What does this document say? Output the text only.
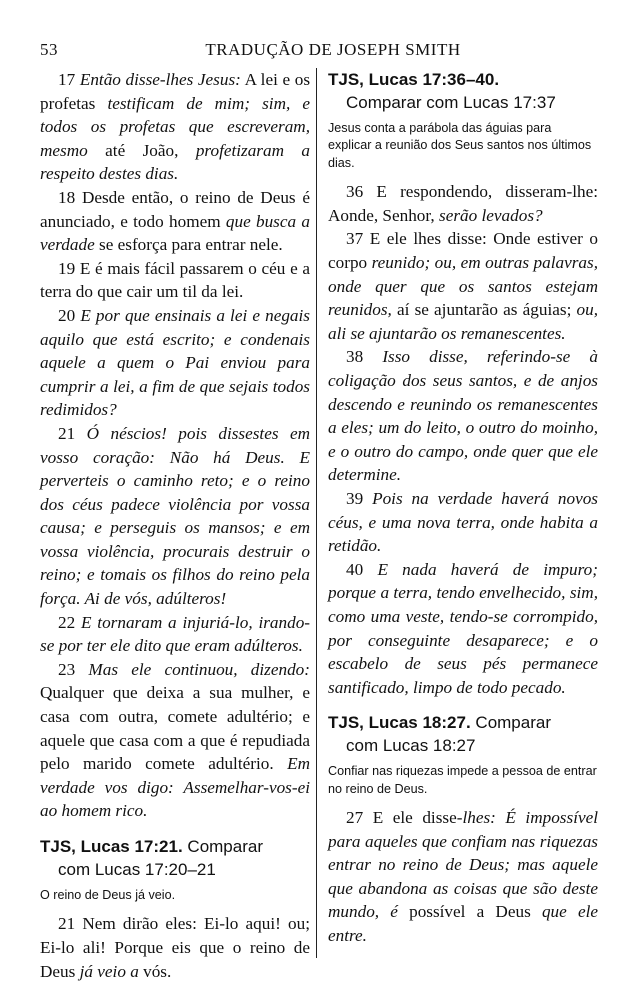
53	TRADUÇÃO DE JOSEPH SMITH

17 Então disse-lhes Jesus: A lei e os profetas testificam de mim; sim, e todos os profetas que escreveram, mesmo até João, profetizaram a respeito destes dias.

18 Desde então, o reino de Deus é anunciado, e todo homem que busca a verdade se esforça para entrar nele.

19 E é mais fácil passarem o céu e a terra do que cair um til da lei.

20 E por que ensinais a lei e negais aquilo que está escrito; e condenais aquele a quem o Pai enviou para cumprir a lei, a fim de que sejais todos redimidos?

21 Ó néscios! pois dissestes em vosso coração: Não há Deus. E perverteis o caminho reto; e o reino dos céus padece violência por vossa causa; e perseguis os mansos; e em vossa violência, procurais destruir o reino; e tomais os filhos do reino pela força. Ai de vós, adúlteros!

22 E tornaram a injuriá-lo, irando-se por ter ele dito que eram adúlteros.

23 Mas ele continuou, dizendo: Qualquer que deixa a sua mulher, e casa com outra, comete adultério; e aquele que casa com a que é repudiada pelo marido comete adultério. Em verdade vos digo: Assemelhar-vos-ei ao homem rico.

TJS, Lucas 17:21. Comparar
com Lucas 17:20–21
O reino de Deus já veio.

21 Nem dirão eles: Ei-lo aqui! ou; Ei-lo ali! Porque eis que o reino de Deus já veio a vós.

TJS, Lucas 17:36–40.
Comparar com Lucas 17:37
Jesus conta a parábola das águias para explicar a reunião dos Seus santos nos últimos dias.

36 E respondendo, disseram-lhe: Aonde, Senhor, serão levados?

37 E ele lhes disse: Onde estiver o corpo reunido; ou, em outras palavras, onde quer que os santos estejam reunidos, aí se ajuntarão as águias; ou, ali se ajuntarão os remanescentes.

38 Isso disse, referindo-se à coligação dos seus santos, e de anjos descendo e reunindo os remanescentes a eles; um do leito, o outro do moinho, e o outro do campo, onde quer que ele determine.

39 Pois na verdade haverá novos céus, e uma nova terra, onde habita a retidão.

40 E nada haverá de impuro; porque a terra, tendo envelhecido, sim, como uma veste, tendo-se corrompido, por conseguinte desaparece; e o escabelo de seus pés permanece santificado, limpo de todo pecado.

TJS, Lucas 18:27. Comparar
com Lucas 18:27
Confiar nas riquezas impede a pessoa de entrar no reino de Deus.

27 E ele disse-lhes: É impossível para aqueles que confiam nas riquezas entrar no reino de Deus; mas aquele que abandona as coisas que são deste mundo, é possível a Deus que ele entre.
